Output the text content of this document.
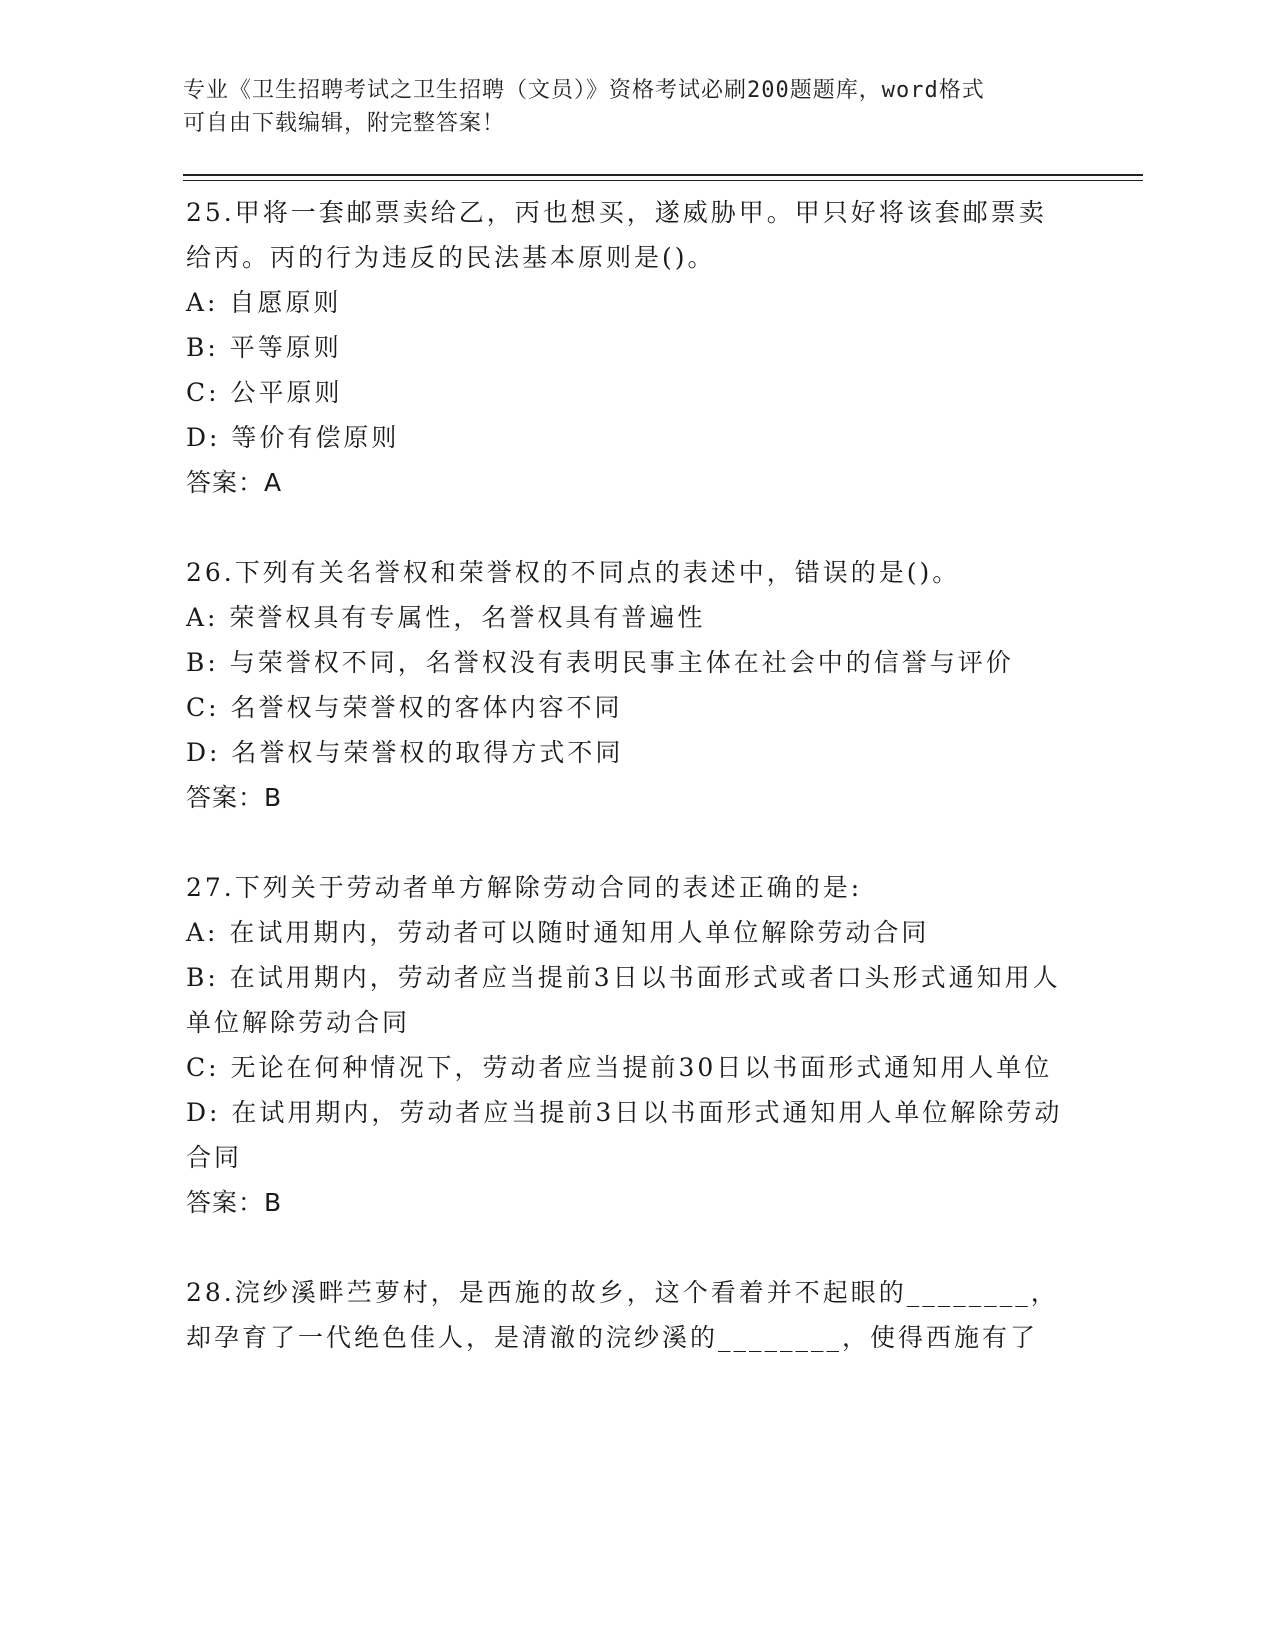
专业《卫生招聘考试之卫生招聘（文员）》资格考试必刷200题题库，word格式
可自由下载编辑，附完整答案！
25.甲将一套邮票卖给乙，丙也想买，遂威胁甲。甲只好将该套邮票卖给丙。丙的行为违反的民法基本原则是()。
A: 自愿原则
B: 平等原则
C: 公平原则
D: 等价有偿原则
答案：A
26.下列有关名誉权和荣誉权的不同点的表述中，错误的是()。
A: 荣誉权具有专属性，名誉权具有普遍性
B: 与荣誉权不同，名誉权没有表明民事主体在社会中的信誉与评价
C: 名誉权与荣誉权的客体内容不同
D: 名誉权与荣誉权的取得方式不同
答案：B
27.下列关于劳动者单方解除劳动合同的表述正确的是:
A: 在试用期内，劳动者可以随时通知用人单位解除劳动合同
B: 在试用期内，劳动者应当提前3日以书面形式或者口头形式通知用人单位解除劳动合同
C: 无论在何种情况下，劳动者应当提前30日以书面形式通知用人单位
D: 在试用期内，劳动者应当提前3日以书面形式通知用人单位解除劳动合同
答案：B
28.浣纱溪畔苎萝村，是西施的故乡，这个看着并不起眼的________，却孕育了一代绝色佳人，是清澈的浣纱溪的________，使得西施有了
